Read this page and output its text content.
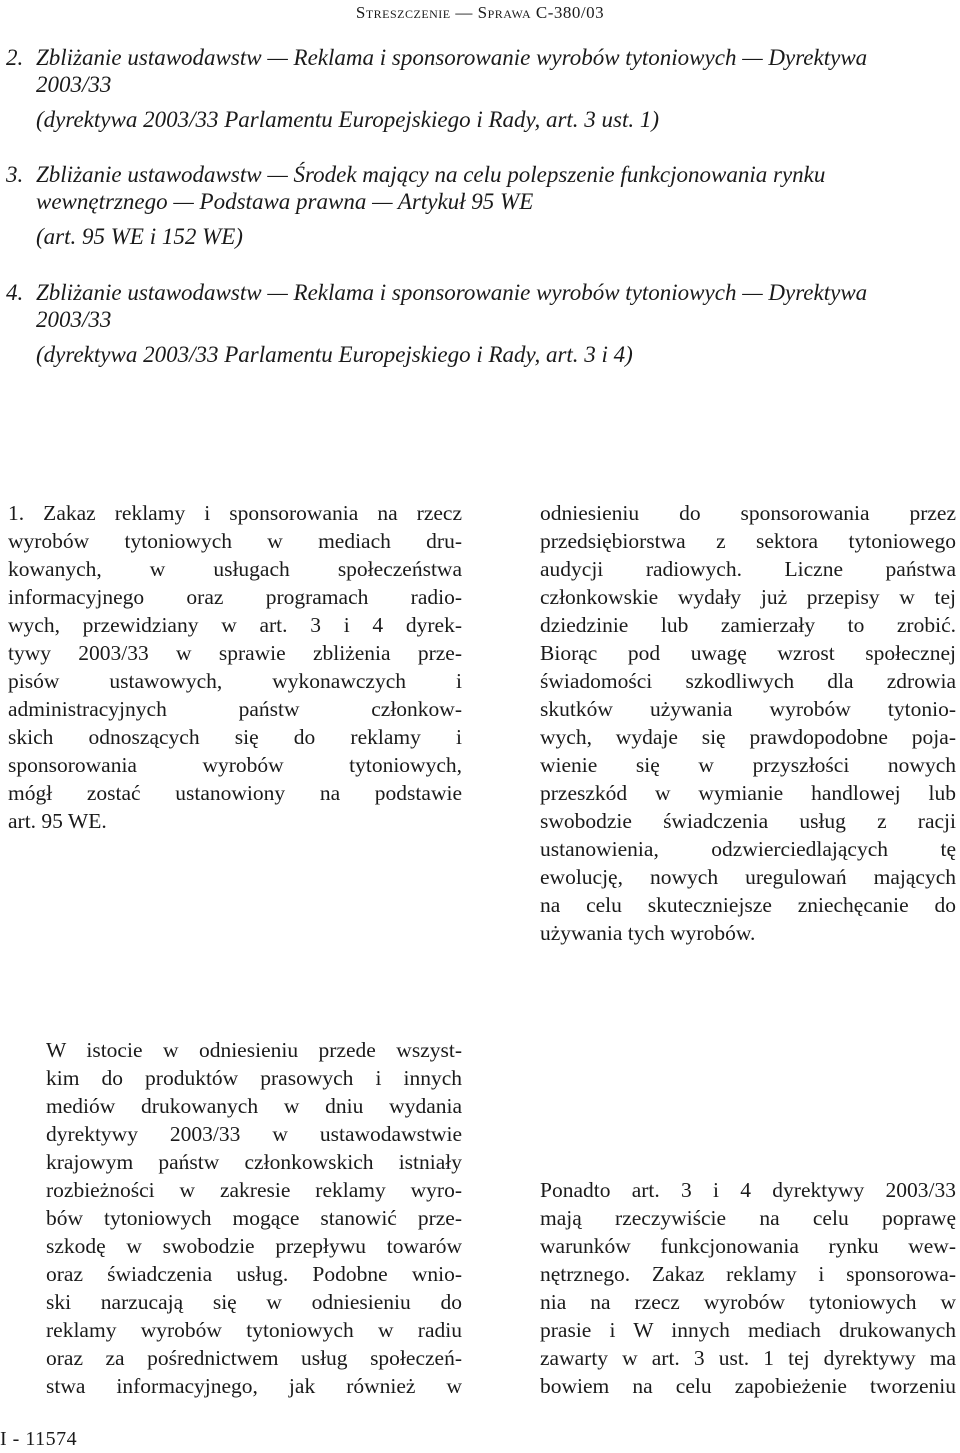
Streszczenie — Sprawa C-380/03
2. Zbliżanie ustawodawstw — Reklama i sponsorowanie wyrobów tytoniowych — Dyrektywa
2003/33
(dyrektywa 2003/33 Parlamentu Europejskiego i Rady, art. 3 ust. 1)
3. Zbliżanie ustawodawstw — Środek mający na celu polepszenie funkcjonowania rynku
wewnętrznego — Podstawa prawna — Artykuł 95 WE
(art. 95 WE i 152 WE)
4. Zbliżanie ustawodawstw — Reklama i sponsorowanie wyrobów tytoniowych — Dyrektywa
2003/33
(dyrektywa 2003/33 Parlamentu Europejskiego i Rady, art. 3 i 4)
1. Zakaz reklamy i sponsorowania na rzecz
wyrobów tytoniowych w mediach dru-
kowanych, w usługach społeczeństwa
informacyjnego oraz programach radio-
wych, przewidziany w art. 3 i 4 dyrek-
tywy 2003/33 w sprawie zbliżenia prze-
pisów ustawowych, wykonawczych i
administracyjnych państw członkow-
skich odnoszących się do reklamy i
sponsorowania wyrobów tytoniowych,
mógł zostać ustanowiony na podstawie
art. 95 WE.
odniesieniu do sponsorowania przez
przedsiębiorstwa z sektora tytoniowego
audycji radiowych. Liczne państwa
członkowskie wydały już przepisy w tej
dziedzinie lub zamierzały to zrobić.
Biorąc pod uwagę wzrost społecznej
świadomości szkodliwych dla zdrowia
skutków używania wyrobów tytonio-
wych, wydaje się prawdopodobne poja-
wienie się w przyszłości nowych
przeszkód w wymianie handlowej lub
swobodzie świadczenia usług z racji
ustanowienia, odzwierciedlających tę
ewolucję, nowych uregulowań mających
na celu skuteczniejsze zniechęcanie do
używania tych wyrobów.
W istocie w odniesieniu przede wszyst-
kim do produktów prasowych i innych
mediów drukowanych w dniu wydania
dyrektywy 2003/33 w ustawodawstwie
krajowym państw członkowskich istniały
rozbieżności w zakresie reklamy wyro-
bów tytoniowych mogące stanowić prze-
szkodę w swobodzie przepływu towarów
oraz świadczenia usług. Podobne wnio-
ski narzucają się w odniesieniu do
reklamy wyrobów tytoniowych w radiu
oraz za pośrednictwem usług społeczeń-
stwa informacyjnego, jak również w
Ponadto art. 3 i 4 dyrektywy 2003/33
mają rzeczywiście na celu poprawę
warunków funkcjonowania rynku wew-
nętrznego. Zakaz reklamy i sponsorowa-
nia na rzecz wyrobów tytoniowych w
prasie i W innych mediach drukowanych
zawarty w art. 3 ust. 1 tej dyrektywy ma
bowiem na celu zapobieżenie tworzeniu
I - 11574
